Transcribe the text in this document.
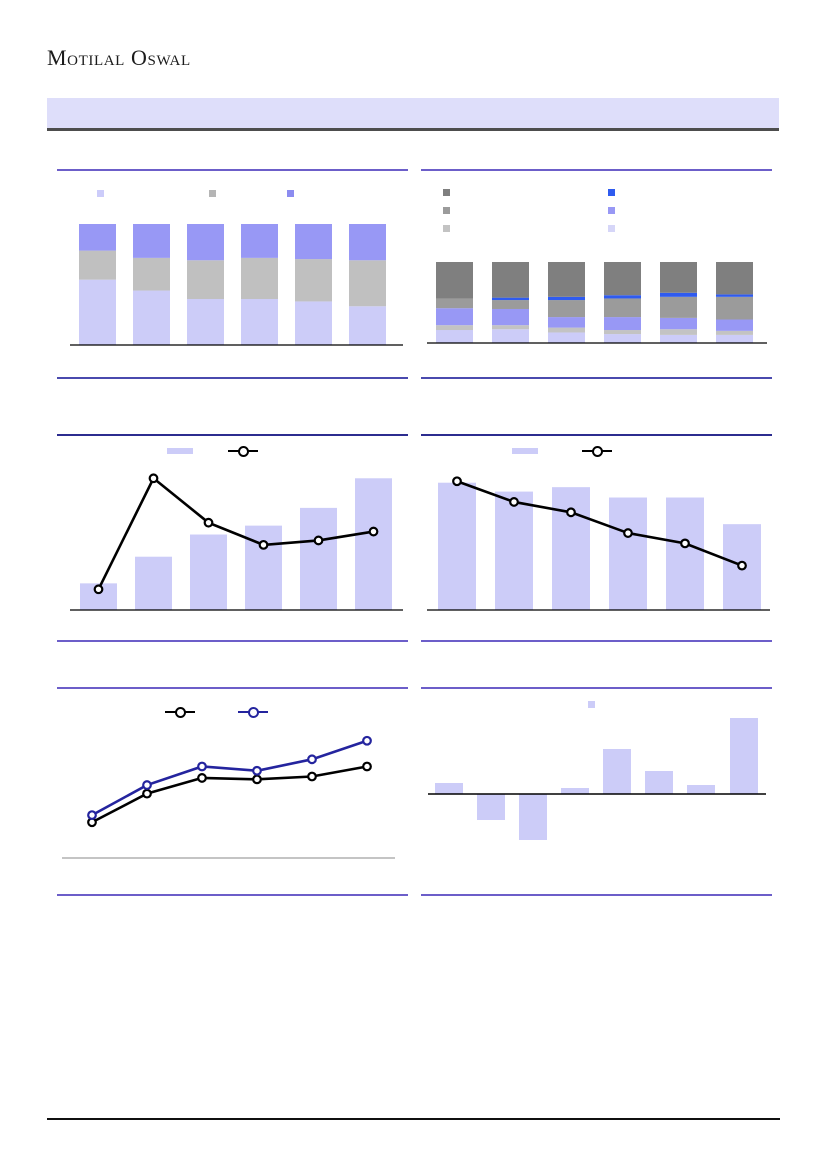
Motilal Oswal
